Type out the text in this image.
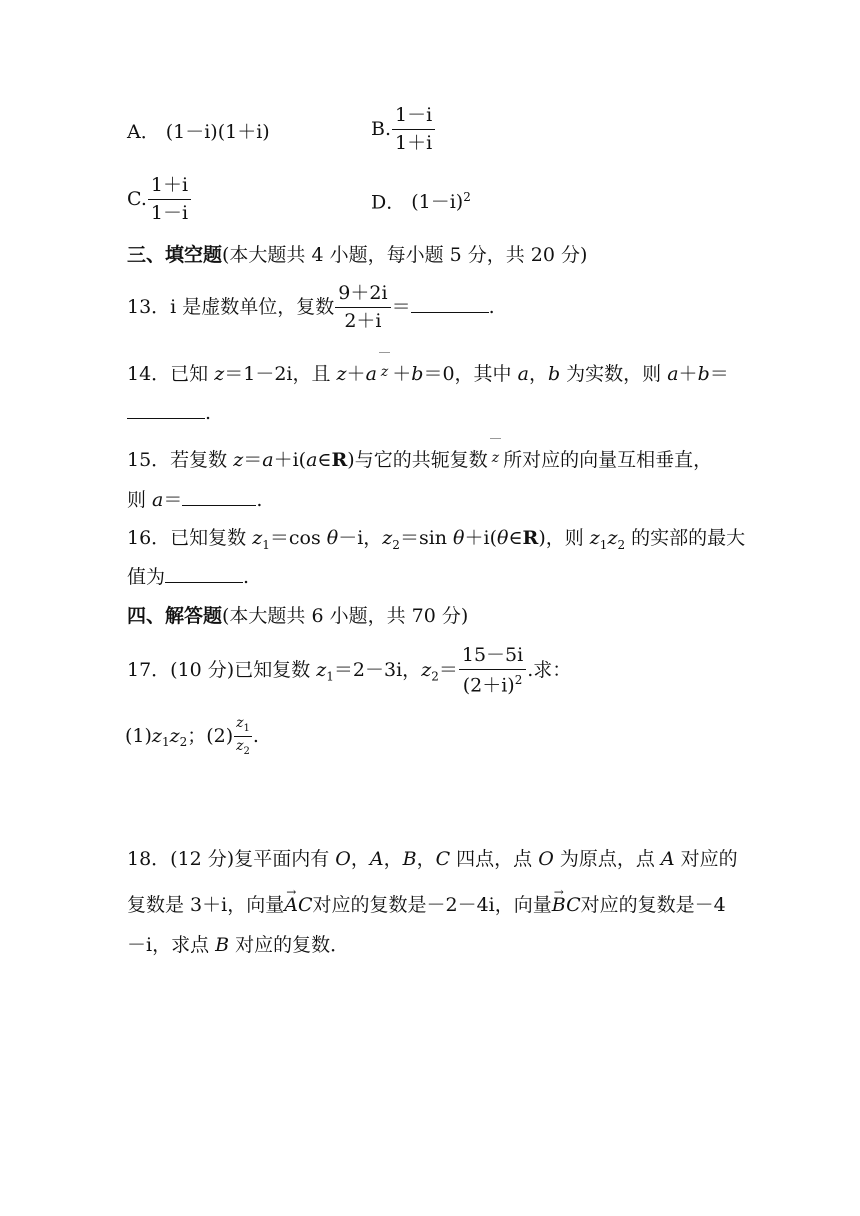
A． (1－i)(1＋i)	B. $\frac{1-i}{1+i}$
C. $\frac{1+i}{1-i}$	D． $(1-i)^2$
三、填空题(本大题共 4 小题，每小题 5 分，共 20 分)
13．i 是虚数单位，复数 $\frac{9+2i}{2+i}$ ＝	.
14．已知 z＝1－2i，且 z＋a z ＋b＝0，其中 a，b 为实数，则 a＋b＝
.
15．若复数 z＝a＋i(a∈R)与它的共轭复数 z 所对应的向量互相垂直，
则 a＝	.
16．已知复数 $z_1=\cos$ θ－i，$z_2=\sin$ θ＋i(θ∈R)，则 $z_1z_2$ 的实部的最大
值为	.
四、解答题(本大题共 6 小题，共 70 分)
17．(10 分)已知复数 $z_1=2-3i$，$z_2= \frac{15-5i}{(2+i)^2}$ .求：
$(1)z_1z_2$；$(2) \frac{z_1}{z_2}$ .
18．(12 分)复平面内有 O，A，B，C 四点，点 O 为原点，点 A 对应的
复数是 3＋i，向量→ AC对应的复数是－2－4i，向量→ BC对应的复数是－4
－i，求点 B 对应的复数．
